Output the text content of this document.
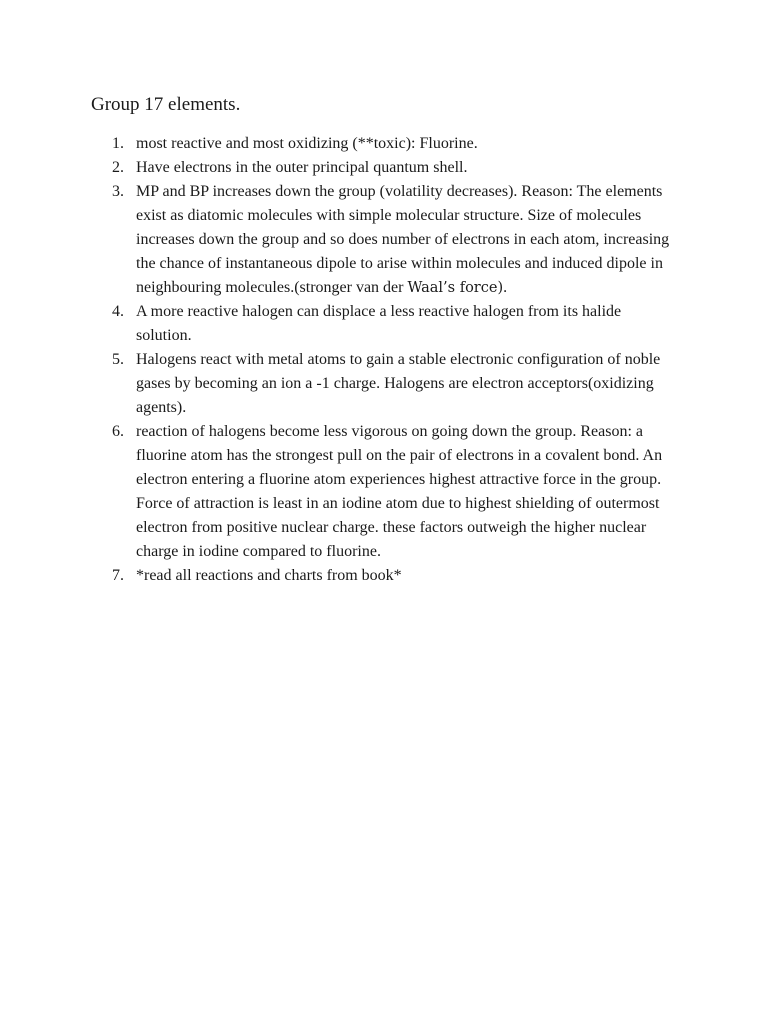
Group 17 elements.
1. most reactive and most oxidizing (**toxic): Fluorine.
2. Have electrons in the outer principal quantum shell.
3. MP and BP increases down the group (volatility decreases). Reason: The elements exist as diatomic molecules with simple molecular structure. Size of molecules increases down the group and so does number of electrons in each atom, increasing the chance of instantaneous dipole to arise within molecules and induced dipole in neighbouring molecules.(stronger van der Waal’s force).
4. A more reactive halogen can displace a less reactive halogen from its halide solution.
5. Halogens react with metal atoms to gain a stable electronic configuration of noble gases by becoming an ion a -1 charge. Halogens are electron acceptors(oxidizing agents).
6. reaction of halogens become less vigorous on going down the group. Reason: a fluorine atom has the strongest pull on the pair of electrons in a covalent bond. An electron entering a fluorine atom experiences highest attractive force in the group. Force of attraction is least in an iodine atom due to highest shielding of outermost electron from positive nuclear charge. these factors outweigh the higher nuclear charge in iodine compared to fluorine.
7. *read all reactions and charts from book*
